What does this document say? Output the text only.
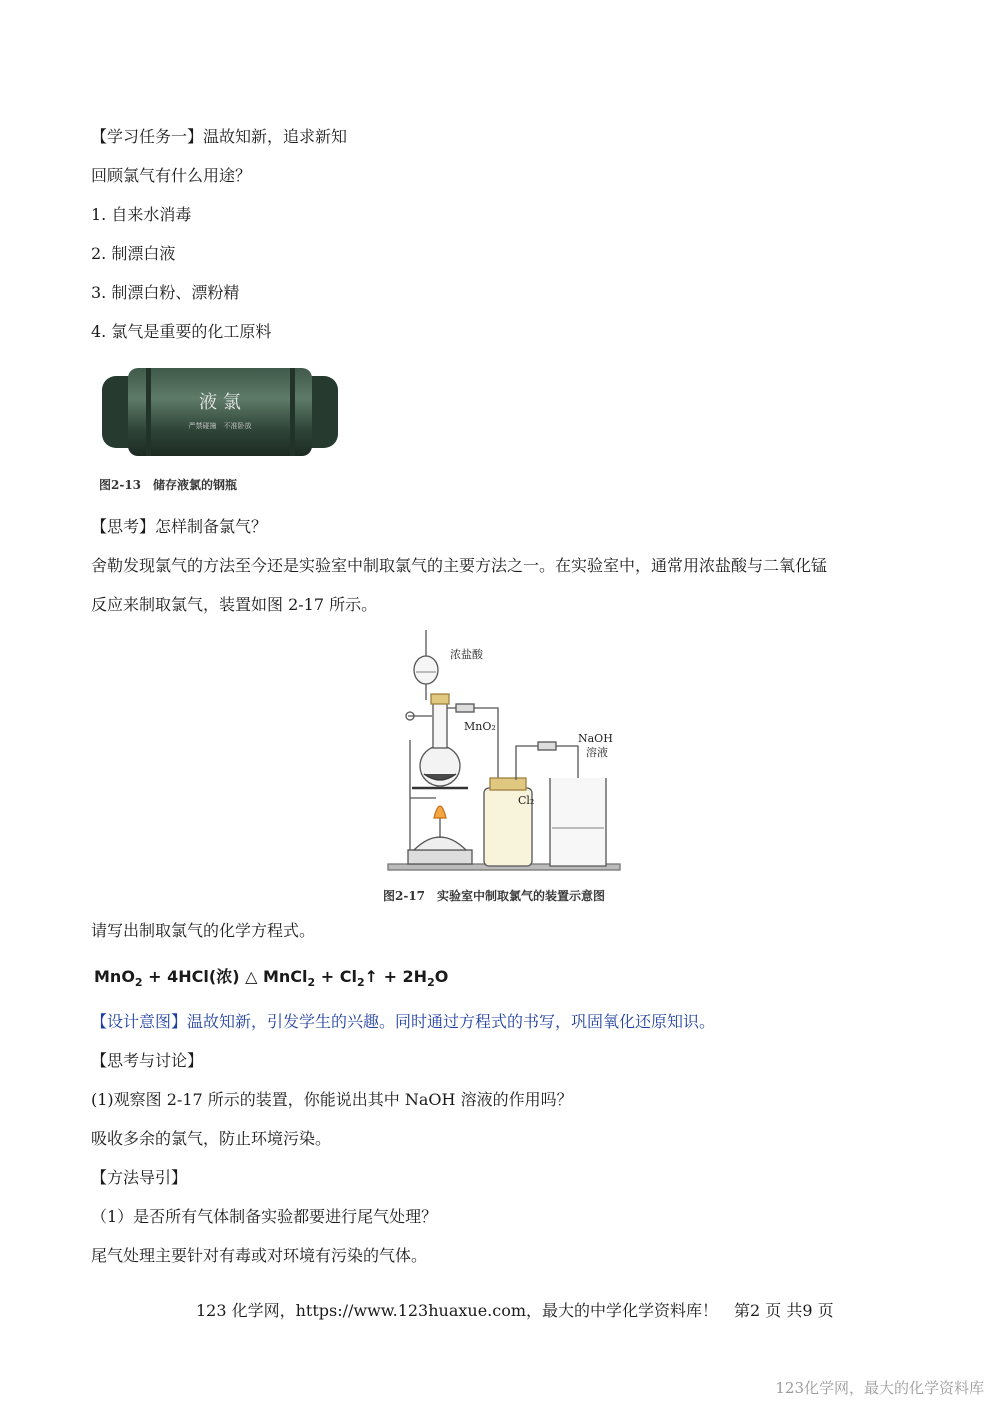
【学习任务一】温故知新，追求新知
回顾氯气有什么用途？
1. 自来水消毒
2. 制漂白液
3. 制漂白粉、漂粉精
4. 氯气是重要的化工原料
液 氯
严禁碰撞　不准卧放
图2-13　储存液氯的钢瓶
【思考】怎样制备氯气？
舍勒发现氯气的方法至今还是实验室中制取氯气的主要方法之一。在实验室中，通常用浓盐酸与二氧化锰
反应来制取氯气，装置如图 2-17 所示。
浓盐酸
MnO₂
Cl₂
NaOH
溶液
图2-17　实验室中制取氯气的装置示意图
请写出制取氯气的化学方程式。
MnO$_2$ + 4HCl(浓) △ MnCl$_2$ + $Cl_2↑ + 2H_2O$
【设计意图】温故知新，引发学生的兴趣。同时通过方程式的书写，巩固氧化还原知识。
【思考与讨论】
(1)观察图 2-17 所示的装置，你能说出其中 NaOH 溶液的作用吗？
吸收多余的氯气，防止环境污染。
【方法导引】
（1）是否所有气体制备实验都要进行尾气处理？
尾气处理主要针对有毒或对环境有污染的气体。
123 化学网，https://www.123huaxue.com，最大的中学化学资料库！　第2 页 共9 页
123化学网，最大的化学资料库
